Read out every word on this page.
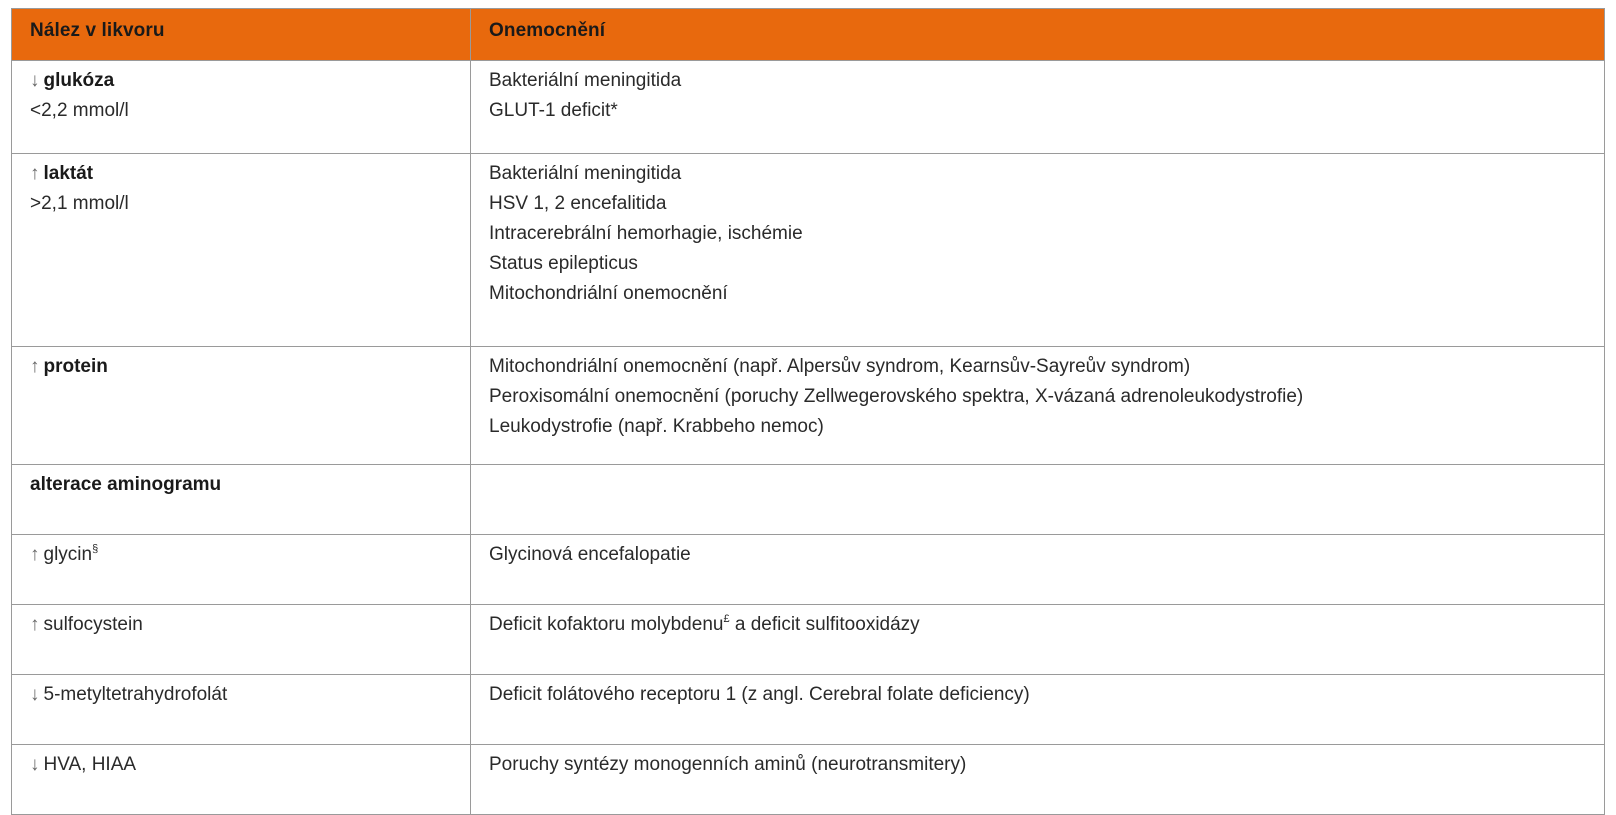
Nález v likvoru	Onemocnění
↓ glukóza
<2,2 mmol/l	Bakteriální meningitida
GLUT-1 deficit*

↑ laktát
>2,1 mmol/l	Bakteriální meningitida
HSV 1, 2 encefalitida
Intracerebrální hemorhagie, ischémie
Status epilepticus
Mitochondriální onemocnění

↑ protein	Mitochondriální onemocnění (např. Alpersův syndrom, Kearnsův-Sayreův syndrom)
Peroxisomální onemocnění (poruchy Zellwegerovského spektra, X-vázaná adrenoleukodystrofie)
Leukodystrofie (např. Krabbeho nemoc)

alterace aminogramu	
↑ glycin§	Glycinová encefalopatie

↑ sulfocystein	Deficit kofaktoru molybdenu£ a deficit sulfitooxidázy
↓ 5-metyltetrahydrofolát	Deficit folátového receptoru 1 (z angl. Cerebral folate deficiency)

↓ HVA, HIAA	Poruchy syntézy monogenních aminů (neurotransmitery)
